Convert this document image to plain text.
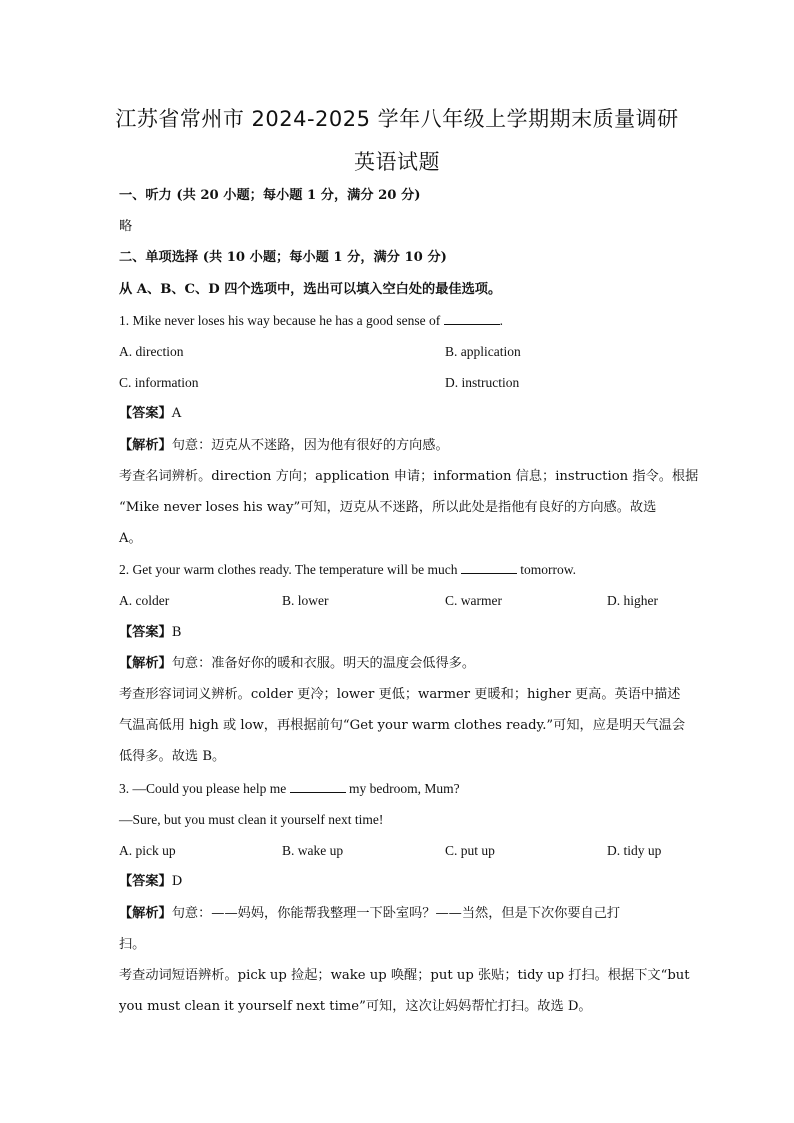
江苏省常州市 2024-2025 学年八年级上学期期末质量调研
英语试题
一、听力 (共 20 小题；每小题 1 分，满分 20 分)
略
二、单项选择 (共 10 小题；每小题 1 分，满分 10 分)
从 A、B、C、D 四个选项中，选出可以填入空白处的最佳选项。
1. Mike never loses his way because he has a good sense of	.
A. direction	B. application
C. information	D. instruction
【答案】A
【解析】句意：迈克从不迷路，因为他有很好的方向感。
考查名词辨析。direction 方向；application 申请；information 信息；instruction 指令。根据
“Mike never loses his way”可知，迈克从不迷路，所以此处是指他有良好的方向感。故选
A。
2. Get your warm clothes ready. The temperature will be much	tomorrow.
A. colder	B. lower	C. warmer	D. higher
【答案】B
【解析】句意：准备好你的暖和衣服。明天的温度会低得多。
考查形容词词义辨析。colder 更冷；lower 更低；warmer 更暖和；higher 更高。英语中描述
气温高低用 high 或 low，再根据前句“Get your warm clothes ready.”可知，应是明天气温会
低得多。故选 B。
3. —Could you please help me	my bedroom, Mum?
—Sure, but you must clean it yourself next time!
A. pick up	B. wake up	C. put up	D. tidy up
【答案】D
【解析】句意：——妈妈，你能帮我整理一下卧室吗？——当然，但是下次你要自己打
扫。
考查动词短语辨析。pick up 捡起；wake up 唤醒；put up 张贴；tidy up 打扫。根据下文“but
you must clean it yourself next time”可知，这次让妈妈帮忙打扫。故选 D。
